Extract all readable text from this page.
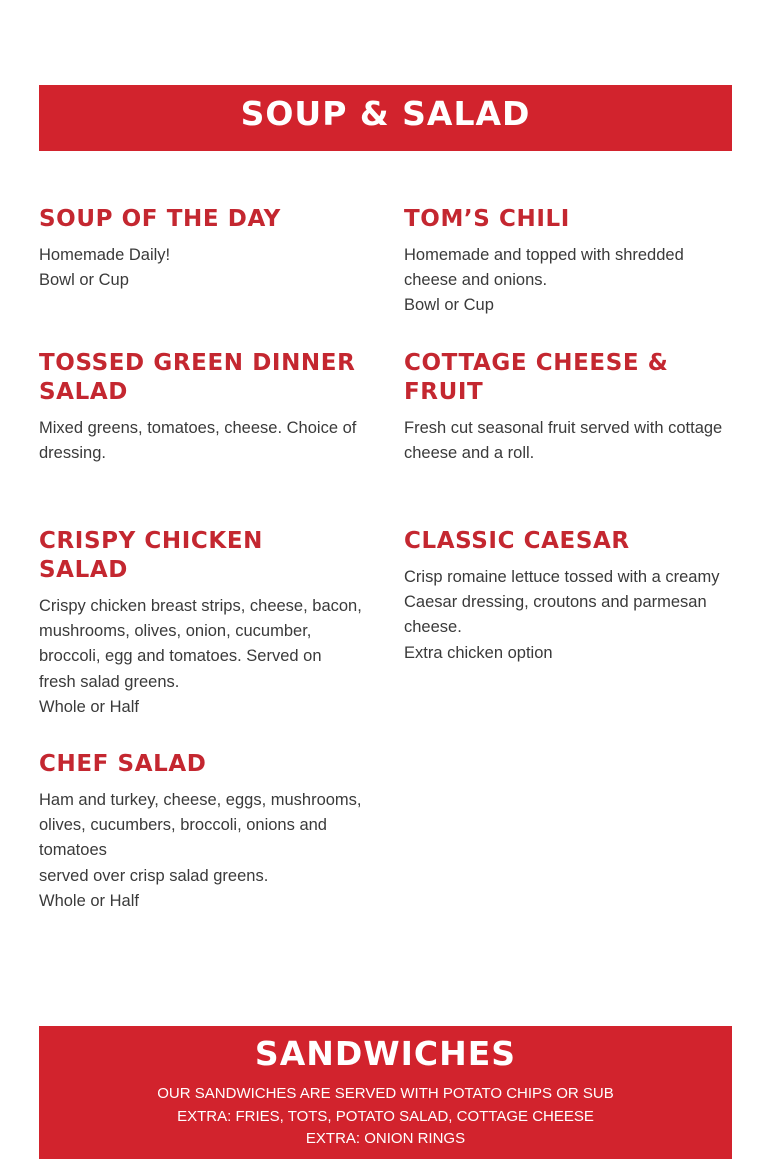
SOUP & SALAD
SOUP OF THE DAY
Homemade Daily!
Bowl or Cup
TOM’S CHILI
Homemade and topped with shredded
cheese and onions.
Bowl or Cup
TOSSED GREEN DINNER
SALAD
Mixed greens, tomatoes, cheese. Choice of
dressing.
COTTAGE CHEESE &
FRUIT
Fresh cut seasonal fruit served with cottage
cheese and a roll.
CRISPY CHICKEN
SALAD
Crispy chicken breast strips, cheese, bacon,
mushrooms, olives, onion, cucumber,
broccoli, egg and tomatoes. Served on
fresh salad greens.
Whole or Half
CLASSIC CAESAR
Crisp romaine lettuce tossed with a creamy
Caesar dressing, croutons and parmesan
cheese.
Extra chicken option
CHEF SALAD
Ham and turkey, cheese, eggs, mushrooms,
olives, cucumbers, broccoli, onions and
tomatoes
served over crisp salad greens.
Whole or Half
SANDWICHES
OUR SANDWICHES ARE SERVED WITH POTATO CHIPS OR SUB
EXTRA: FRIES, TOTS, POTATO SALAD, COTTAGE CHEESE
EXTRA: ONION RINGS
